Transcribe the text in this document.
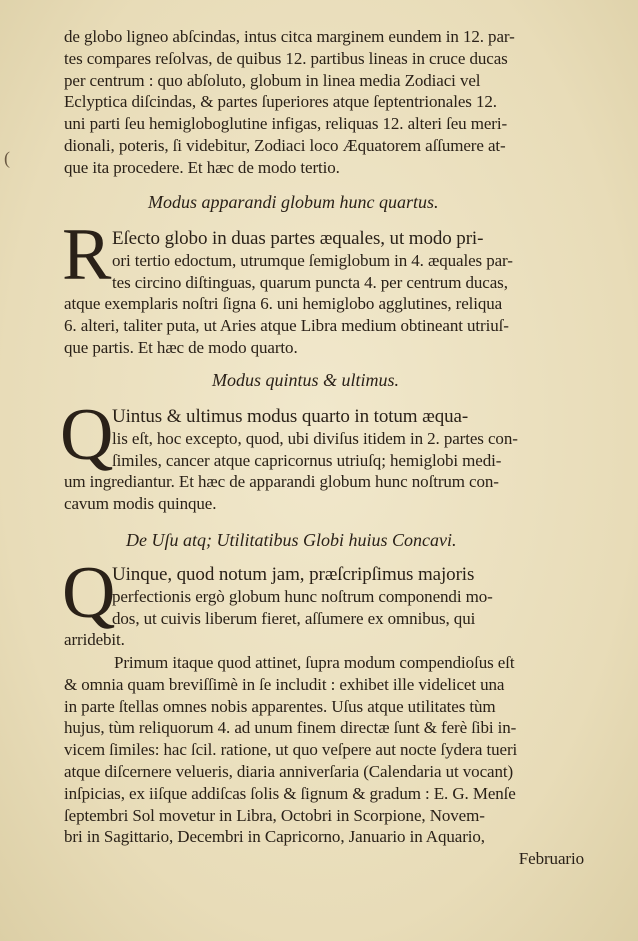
(
de globo ligneo abſcindas, intus citca marginem eundem in 12. par-
tes compares reſolvas, de quibus 12. partibus lineas in cruce ducas
per centrum : quo abſoluto, globum in linea media Zodiaci vel
Eclyptica diſcindas, & partes ſuperiores atque ſeptentrionales 12.
uni parti ſeu hemigloboglutine infigas, reliquas 12. alteri ſeu meri-
dionali, poteris, ſi videbitur, Zodiaci loco Æquatorem aſſumere at-
que ita procedere. Et hæc de modo tertio.
Modus apparandi globum hunc quartus.
R Eſecto globo in duas partes æquales, ut modo pri-
ori tertio edoctum, utrumque ſemiglobum in 4. æquales par-
tes circino diſtinguas, quarum puncta 4. per centrum ducas,
atque exemplaris noſtri ſigna 6. uni hemiglobo agglutines, reliqua
6. alteri, taliter puta, ut Aries atque Libra medium obtineant utriuſ-
que partis. Et hæc de modo quarto.
Modus quintus & ultimus.
Q
Uintus & ultimus modus quarto in totum æqua-
lis eſt, hoc excepto, quod, ubi diviſus itidem in 2. partes con-
ſimiles, cancer atque capricornus utriuſq; hemiglobi medi-
um ingrediantur. Et hæc de apparandi globum hunc noſtrum con-
cavum modis quinque.
De Uſu atq; Utilitatibus Globi huius Concavi.
Q
Uinque, quod notum jam, præſcripſimus majoris
perfectionis ergò globum hunc noſtrum componendi mo-
dos, ut cuivis liberum fieret, aſſumere ex omnibus, qui
arridebit.
Primum itaque quod attinet, ſupra modum compendioſus eſt
& omnia quam breviſſimè in ſe includit : exhibet ille videlicet una
in parte ſtellas omnes nobis apparentes. Uſus atque utilitates tùm
hujus, tùm reliquorum 4. ad unum finem directæ ſunt & ferè ſibi in-
vicem ſimiles: hac ſcil. ratione, ut quo veſpere aut nocte ſydera tueri
atque diſcernere velueris, diaria anniverſaria (Calendaria ut vocant)
inſpicias, ex iiſque addiſcas ſolis & ſignum & gradum : E. G. Menſe
ſeptembri Sol movetur in Libra, Octobri in Scorpione, Novem-
bri in Sagittario, Decembri in Capricorno, Januario in Aquario,
Februario
